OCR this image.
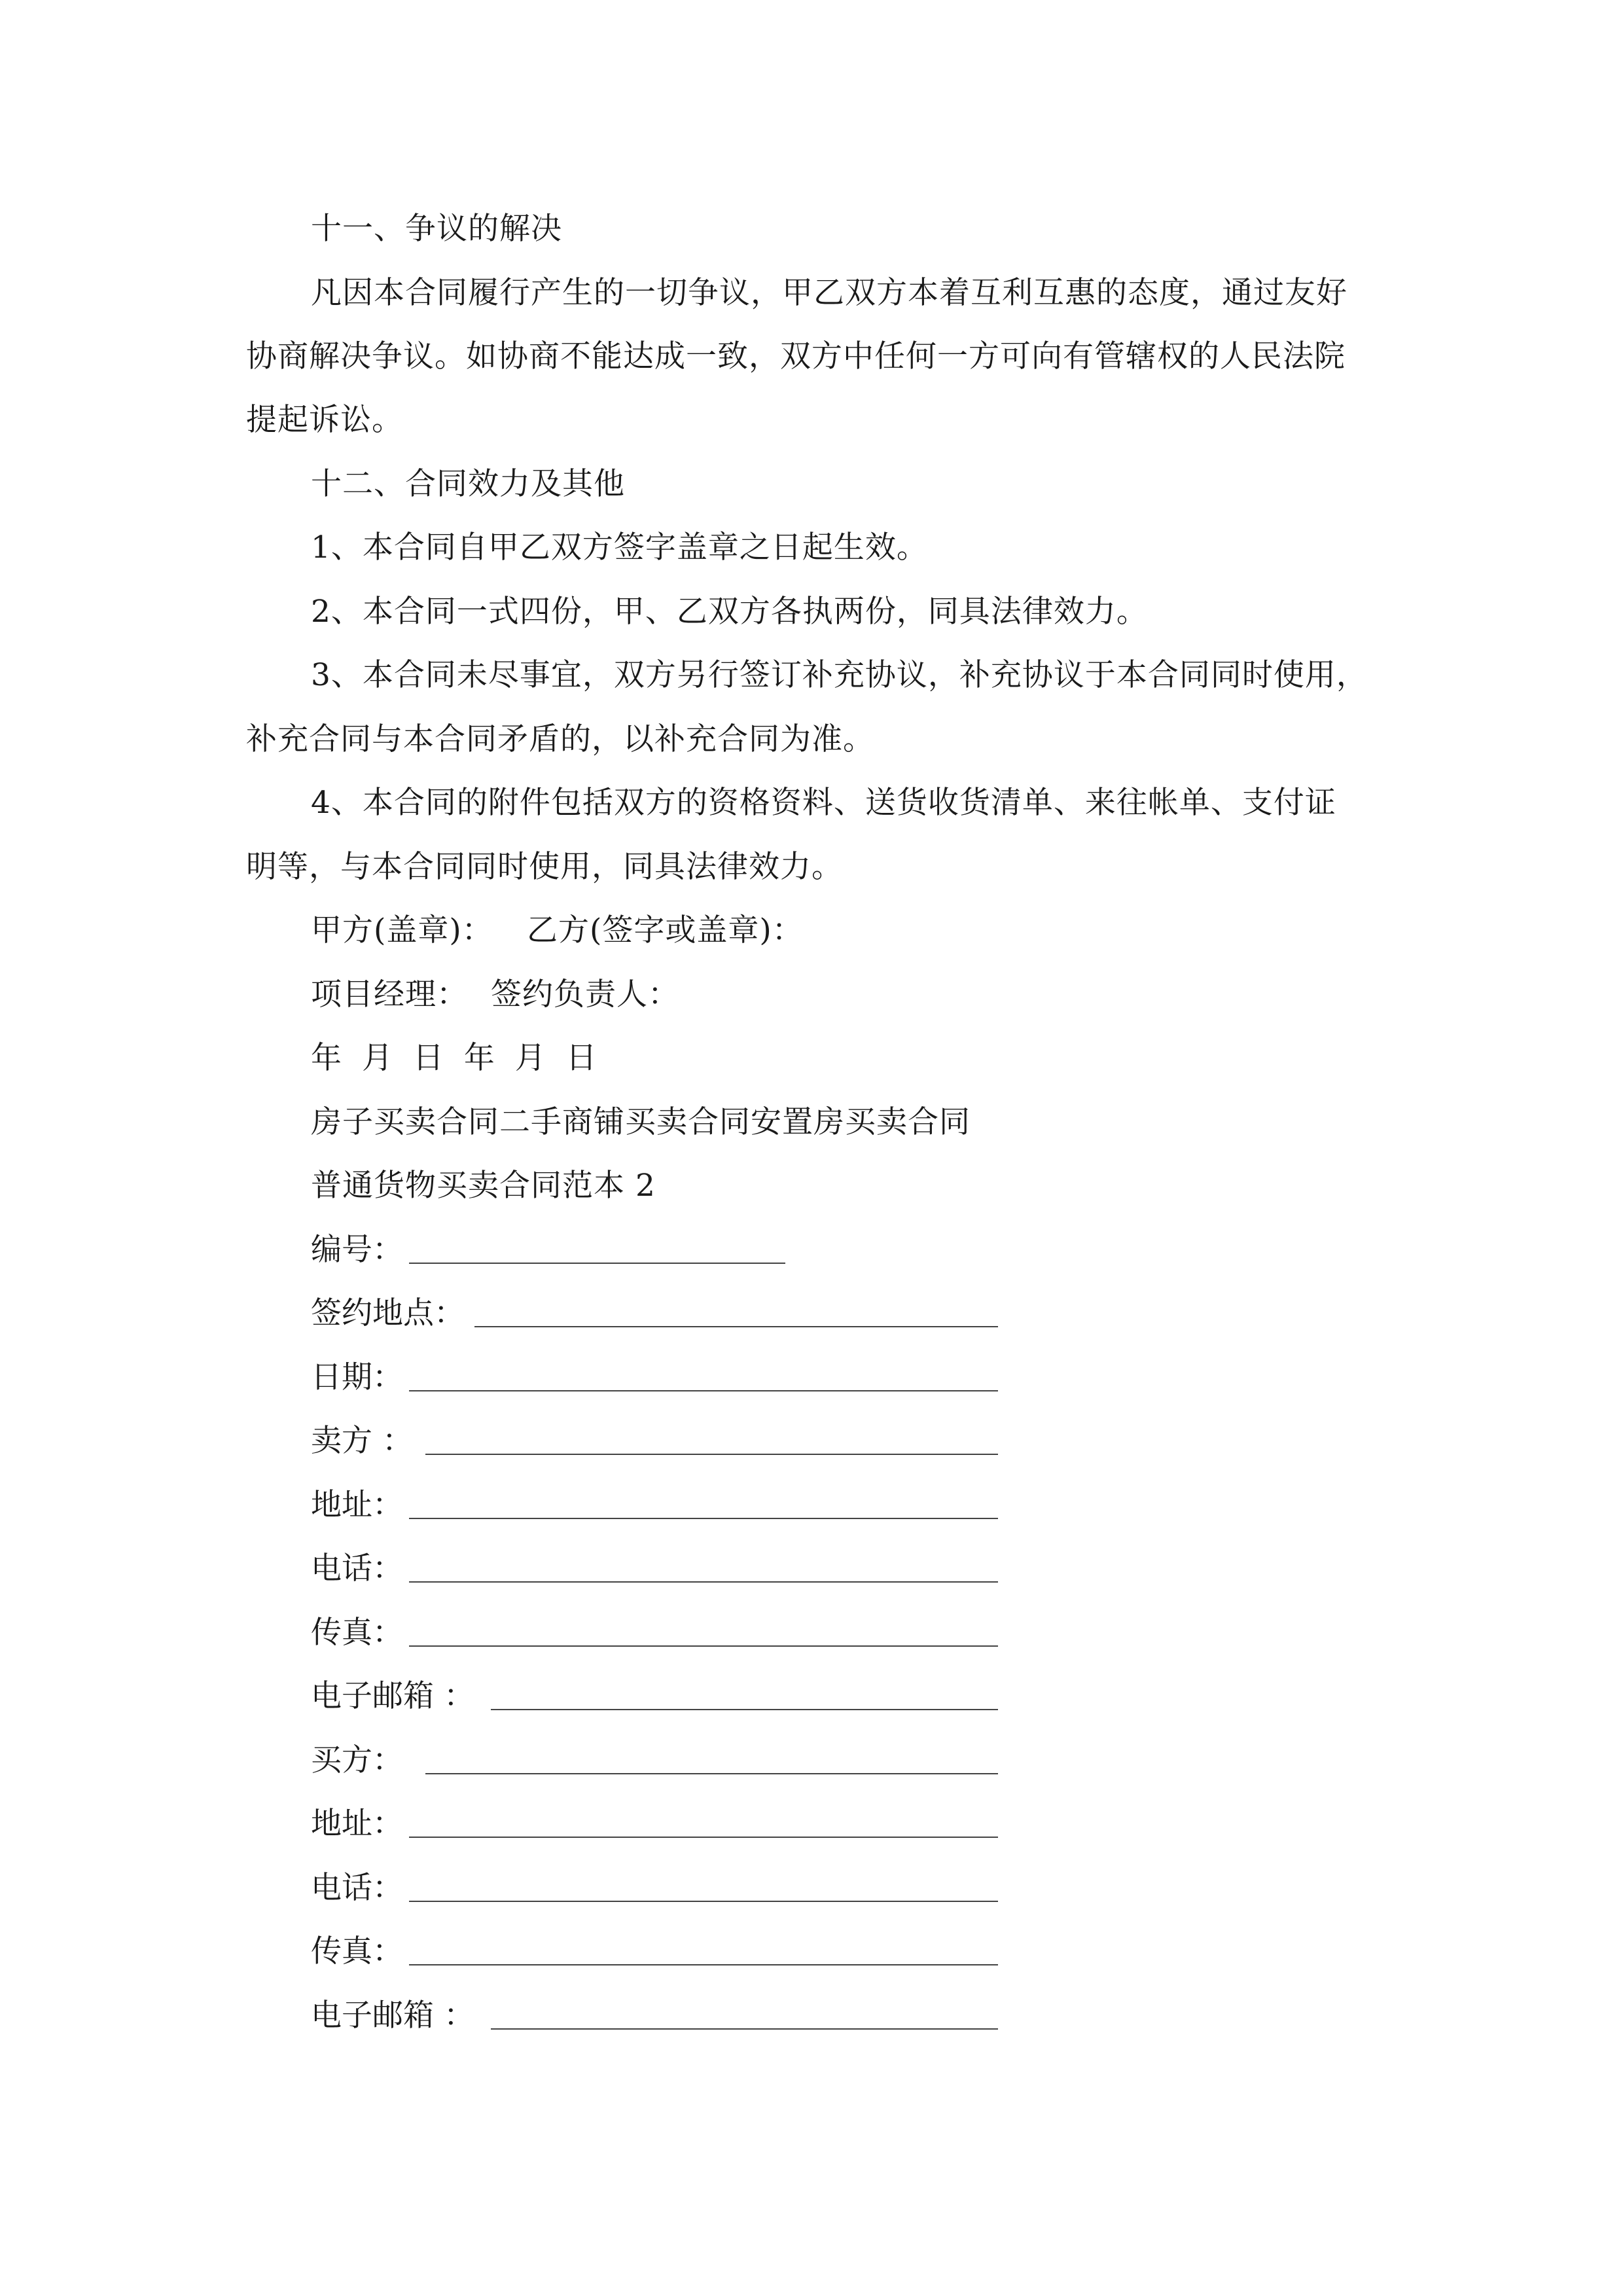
十一、争议的解决
凡因本合同履行产生的一切争议，甲乙双方本着互利互惠的态度，通过友好
协商解决争议。如协商不能达成一致，双方中任何一方可向有管辖权的人民法院
提起诉讼。
十二、合同效力及其他
1、本合同自甲乙双方签字盖章之日起生效。
2、本合同一式四份，甲、乙双方各执两份，同具法律效力。
3、本合同未尽事宜，双方另行签订补充协议，补充协议于本合同同时使用，
补充合同与本合同矛盾的，以补充合同为准。
4、本合同的附件包括双方的资格资料、送货收货清单、来往帐单、支付证
明等，与本合同同时使用，同具法律效力。
甲方(盖章)： 乙方(签字或盖章)：
项目经理： 签约负责人：
年 月 日 年 月 日
房子买卖合同二手商铺买卖合同安置房买卖合同
普通货物买卖合同范本 2
编号：
签约地点：
日期：
卖方 ：
地址：
电话：
传真：
电子邮箱 ：
买方：
地址：
电话：
传真：
电子邮箱 ：
